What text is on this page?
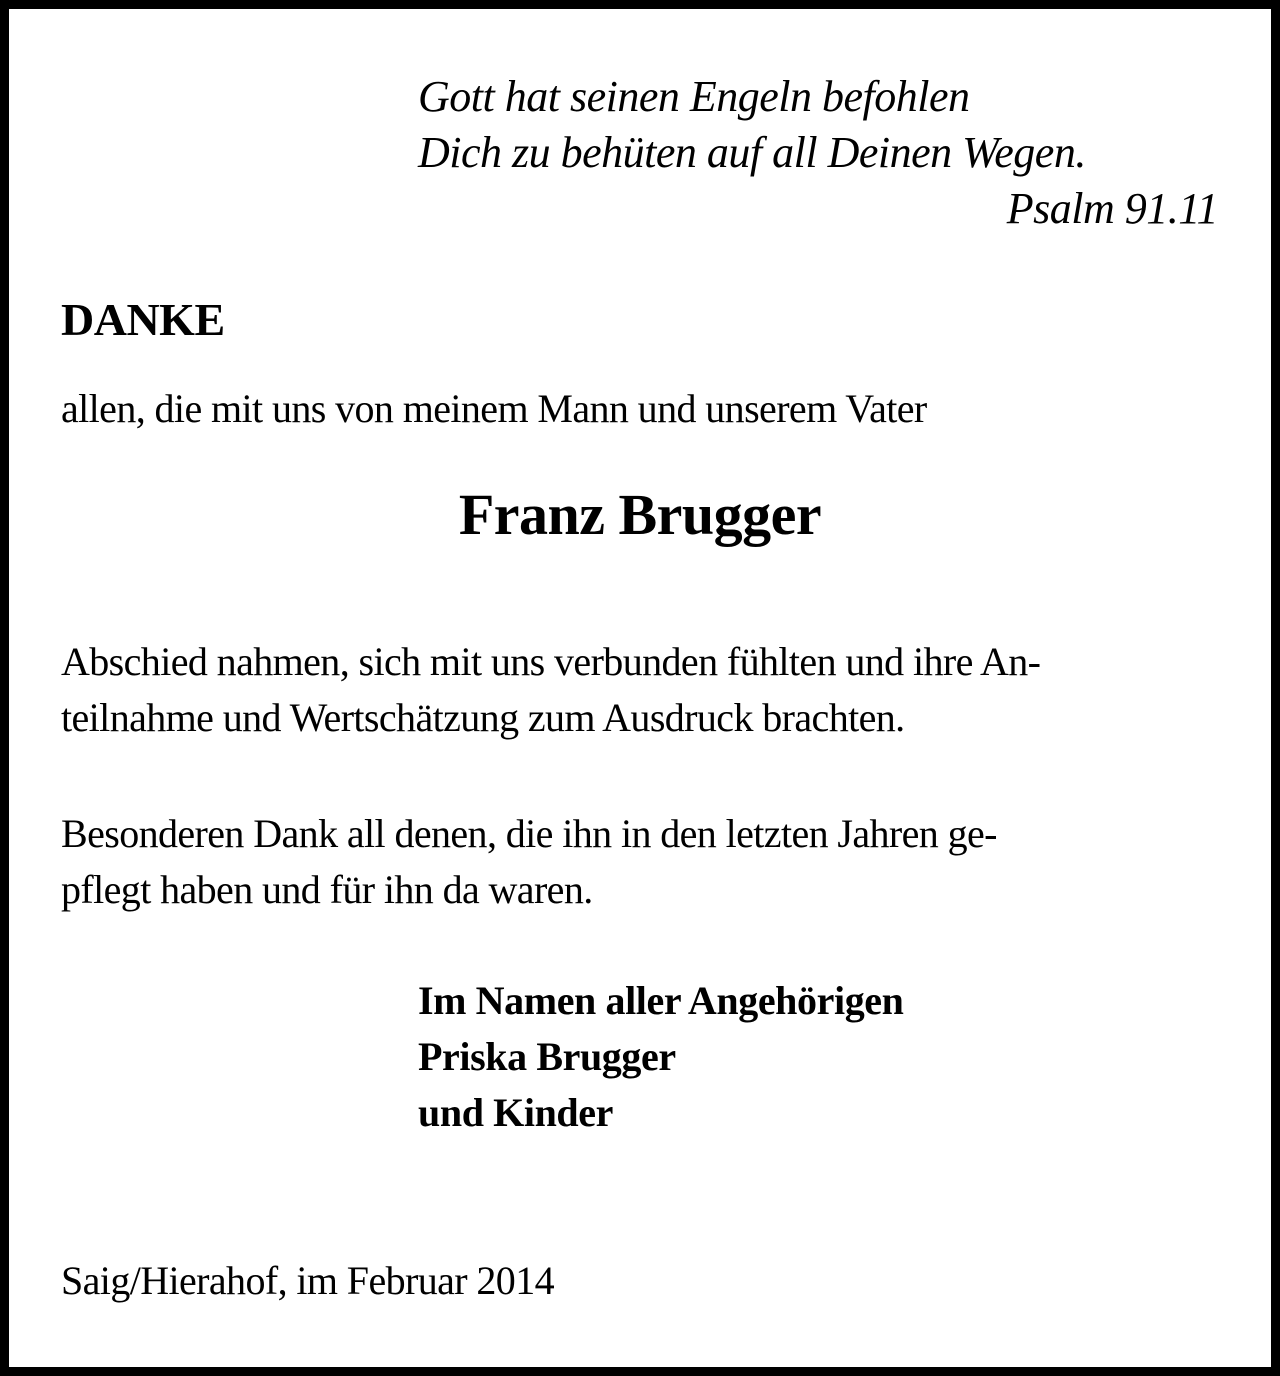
Gott hat seinen Engeln befohlen
Dich zu behüten auf all Deinen Wegen.
Psalm 91.11
DANKE
allen, die mit uns von meinem Mann und unserem Vater
Franz Brugger
Abschied nahmen, sich mit uns verbunden fühlten und ihre An-
teilnahme und Wertschätzung zum Ausdruck brachten.
Besonderen Dank all denen, die ihn in den letzten Jahren ge-
pflegt haben und für ihn da waren.
Im Namen aller Angehörigen
Priska Brugger
und Kinder
Saig/Hierahof, im Februar 2014
